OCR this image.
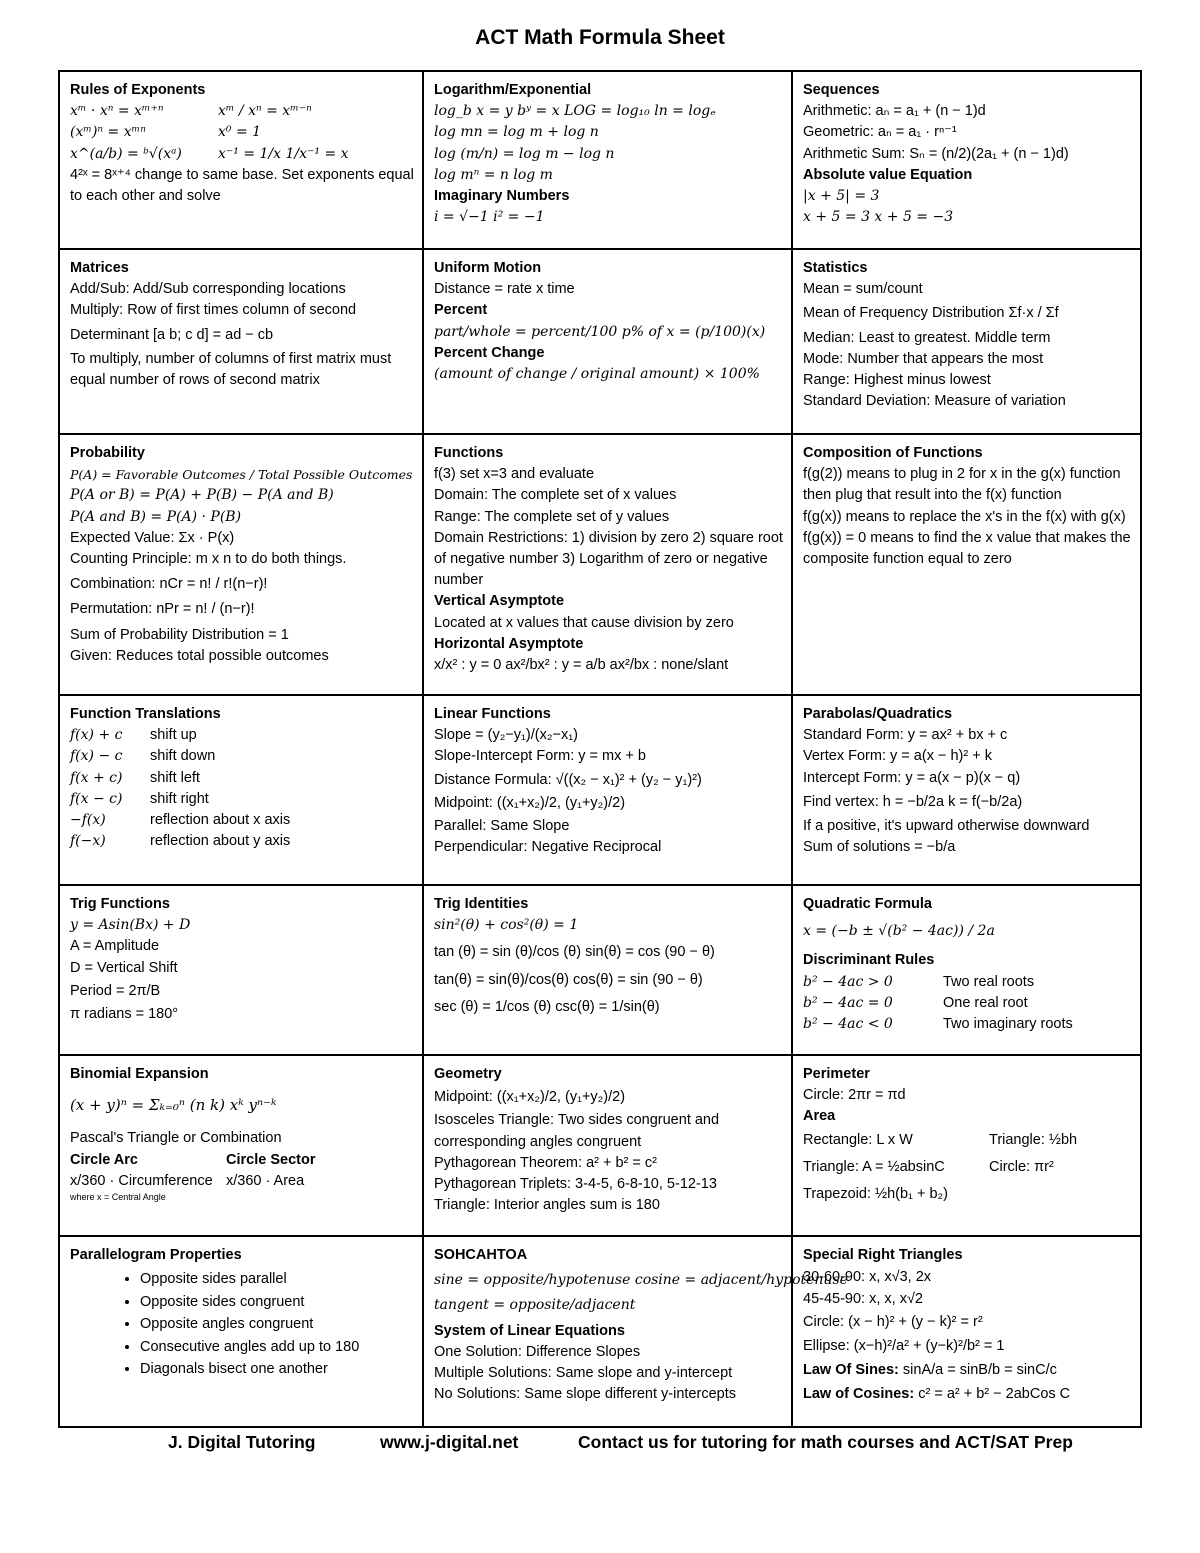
ACT Math Formula Sheet
Rules of Exponents
xᵐ · xⁿ = xᵐ⁺ⁿ	xᵐ / xⁿ = xᵐ⁻ⁿ
(xᵐ)ⁿ = xᵐⁿ	x⁰ = 1
x^(a/b) = ᵇ√(xᵃ)	x⁻¹ = 1/x 1/x⁻¹ = x
4²ˣ = 8ˣ⁺⁴ change to same base. Set exponents equal to each other and solve
Logarithm/Exponential
log_b x = y bʸ = x LOG = log₁₀ ln = logₑ
log mn = log m + log n
log (m/n) = log m − log n
log mⁿ = n log m
Imaginary Numbers
i = √−1 i² = −1
Sequences
Arithmetic: aₙ = a₁ + (n − 1)d
Geometric: aₙ = a₁ · rⁿ⁻¹
Arithmetic Sum: Sₙ = (n/2)(2a₁ + (n − 1)d)
Absolute value Equation
|x + 5| = 3
x + 5 = 3 x + 5 = −3
Matrices
Add/Sub: Add/Sub corresponding locations
Multiply: Row of first times column of second
Determinant [a b; c d] = ad − cb
To multiply, number of columns of first matrix must equal number of rows of second matrix
Uniform Motion
Distance = rate x time
Percent
part/whole = percent/100 p% of x = (p/100)(x)
Percent Change
(amount of change / original amount) × 100%
Statistics
Mean = sum/count
Mean of Frequency Distribution Σf·x / Σf
Median: Least to greatest. Middle term
Mode: Number that appears the most
Range: Highest minus lowest
Standard Deviation: Measure of variation
Probability
P(A) = Favorable Outcomes / Total Possible Outcomes
P(A or B) = P(A) + P(B) − P(A and B)
P(A and B) = P(A) · P(B)
Expected Value: Σx · P(x)
Counting Principle: m x n to do both things.
Combination: nCr = n! / r!(n−r)!
Permutation: nPr = n! / (n−r)!
Sum of Probability Distribution = 1
Given: Reduces total possible outcomes
Functions
f(3) set x=3 and evaluate
Domain: The complete set of x values
Range: The complete set of y values
Domain Restrictions: 1) division by zero 2) square root of negative number 3) Logarithm of zero or negative number
Vertical Asymptote
Located at x values that cause division by zero
Horizontal Asymptote
x/x² : y = 0 ax²/bx² : y = a/b ax²/bx : none/slant
Composition of Functions
f(g(2)) means to plug in 2 for x in the g(x) function then plug that result into the f(x) function
f(g(x)) means to replace the x's in the f(x) with g(x)
f(g(x)) = 0 means to find the x value that makes the composite function equal to zero
Function Translations
f(x) + c shift up
f(x) − c shift down
f(x + c) shift left
f(x − c) shift right
−f(x)	reflection about x axis
f(−x)	reflection about y axis
Linear Functions
Slope = (y₂−y₁)/(x₂−x₁)
Slope-Intercept Form: y = mx + b
Distance Formula: √((x₂ − x₁)² + (y₂ − y₁)²)
Midpoint: ((x₁+x₂)/2, (y₁+y₂)/2)
Parallel: Same Slope
Perpendicular: Negative Reciprocal
Parabolas/Quadratics
Standard Form: y = ax² + bx + c
Vertex Form: y = a(x − h)² + k
Intercept Form: y = a(x − p)(x − q)
Find vertex: h = −b/2a k = f(−b/2a)
If a positive, it's upward otherwise downward
Sum of solutions = −b/a
Trig Functions
y = Asin(Bx) + D
A = Amplitude
D = Vertical Shift
Period = 2π/B
π radians = 180°
Trig Identities
sin²(θ) + cos²(θ) = 1
tan (θ) = sin (θ)/cos (θ) sin(θ) = cos (90 − θ)
tan(θ) = sin(θ)/cos(θ) cos(θ) = sin (90 − θ)
sec (θ) = 1/cos (θ) csc(θ) = 1/sin(θ)
Quadratic Formula
x = (−b ± √(b² − 4ac)) / 2a
Discriminant Rules
b² − 4ac > 0	Two real roots
b² − 4ac = 0	One real root
b² − 4ac < 0	Two imaginary roots
Binomial Expansion
(x + y)ⁿ = Σₖ₌₀ⁿ (n k) xᵏ yⁿ⁻ᵏ
Pascal's Triangle or Combination
Circle Arc	Circle Sector
x/360 · Circumference x/360 · Area
where x = Central Angle
Geometry
Midpoint: ((x₁+x₂)/2, (y₁+y₂)/2)
Isosceles Triangle: Two sides congruent and corresponding angles congruent
Pythagorean Theorem: a² + b² = c²
Pythagorean Triplets: 3-4-5, 6-8-10, 5-12-13
Triangle: Interior angles sum is 180
Perimeter
Circle: 2πr = πd
Area
Rectangle: L x W	Triangle: ½bh
Triangle: A = ½absinC	Circle: πr²
Trapezoid: ½h(b₁ + b₂)
Parallelogram Properties
• Opposite sides parallel
• Opposite sides congruent
• Opposite angles congruent
• Consecutive angles add up to 180
• Diagonals bisect one another
SOHCAHTOA
sine = opposite/hypotenuse cosine = adjacent/hypotenuse
tangent = opposite/adjacent
System of Linear Equations
One Solution: Difference Slopes
Multiple Solutions: Same slope and y-intercept
No Solutions: Same slope different y-intercepts
Special Right Triangles
30-60-90: x, x√3, 2x
45-45-90: x, x, x√2
Circle: (x − h)² + (y − k)² = r²
Ellipse: (x−h)²/a² + (y−k)²/b² = 1
Law Of Sines: sinA/a = sinB/b = sinC/c
Law of Cosines: c² = a² + b² − 2abCos C
J. Digital Tutoring	www.j-digital.net	Contact us for tutoring for math courses and ACT/SAT Prep
